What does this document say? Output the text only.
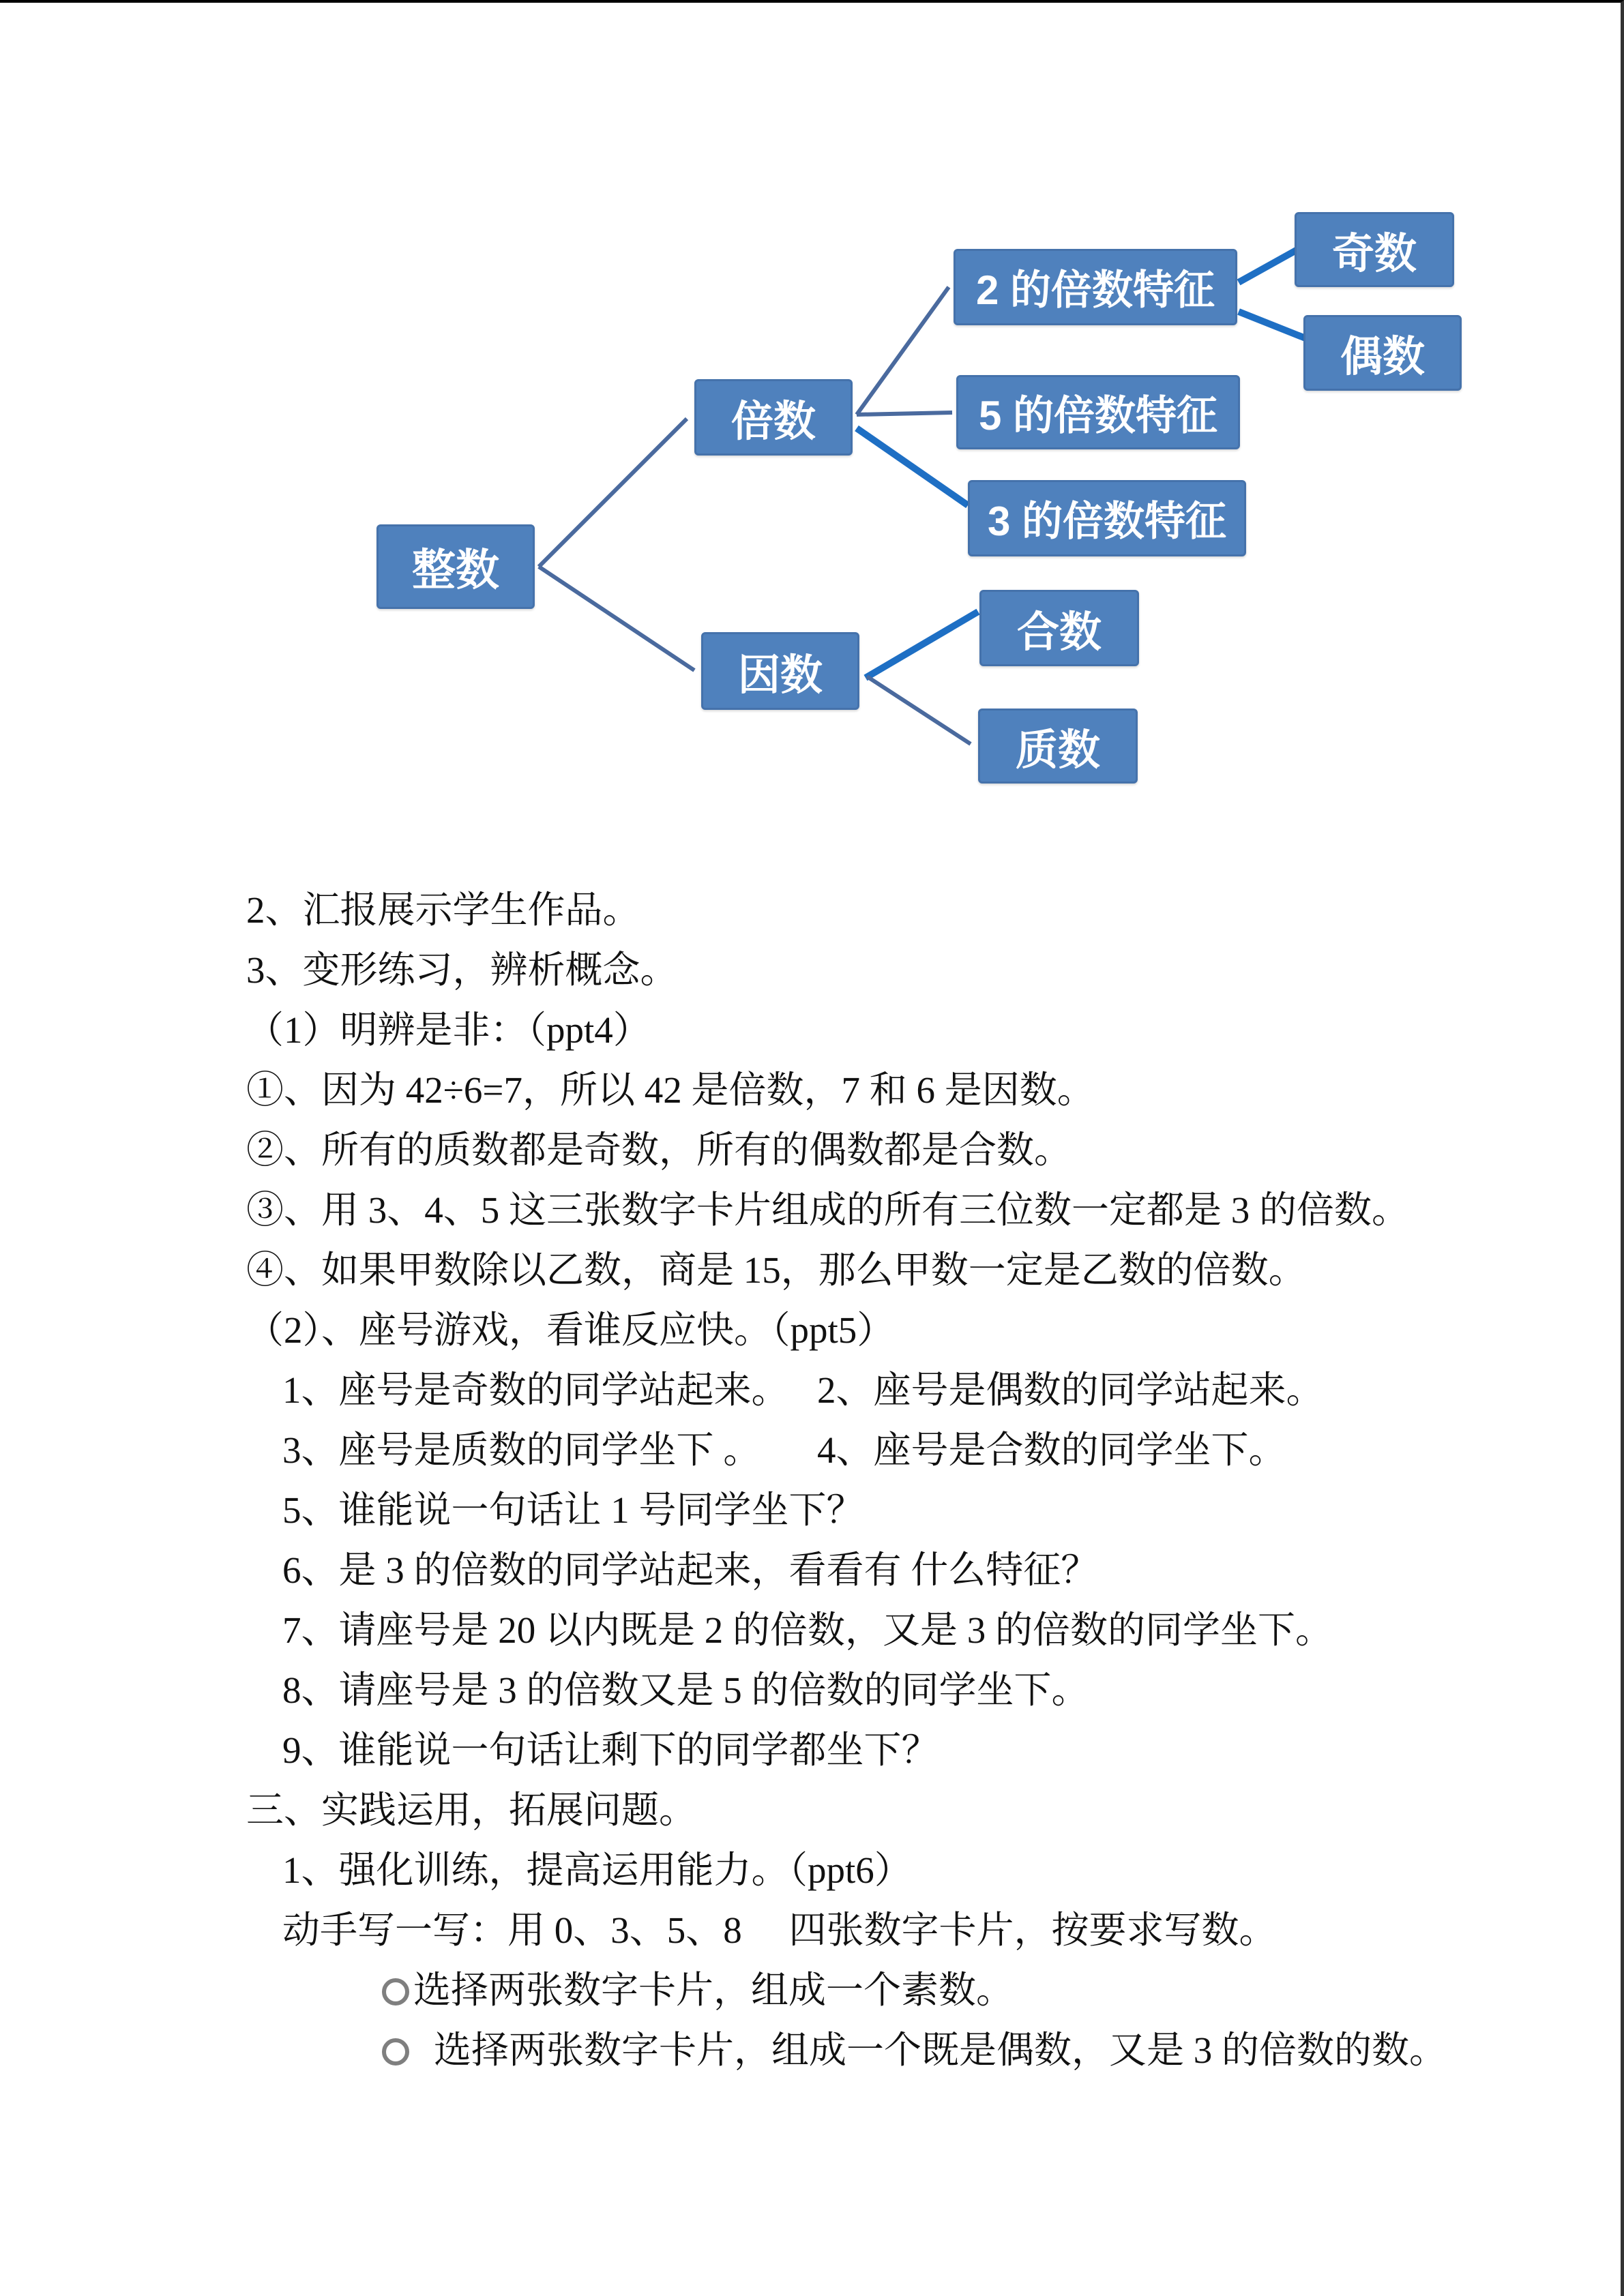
整数
倍数
因数
2 的倍数特征
5 的倍数特征
3 的倍数特征
奇数
偶数
合数
质数
2、汇报展示学生作品。
3、变形练习，辨析概念。
（1）明辨是非：（ppt4）
①、因为 42÷6=7，所以 42 是倍数，7 和 6 是因数。
②、所有的质数都是奇数，所有的偶数都是合数。
③、用 3、4、5 这三张数字卡片组成的所有三位数一定都是 3 的倍数。
④、如果甲数除以乙数，商是 15，那么甲数一定是乙数的倍数。
（2）、座号游戏，看谁反应快。（ppt5）
1、座号是奇数的同学站起来。 2、座号是偶数的同学站起来。
3、座号是质数的同学坐下 。 4、座号是合数的同学坐下。
5、谁能说一句话让 1 号同学坐下？
6、是 3 的倍数的同学站起来，看看有 什么特征？
7、请座号是 20 以内既是 2 的倍数，又是 3 的倍数的同学坐下。
8、请座号是 3 的倍数又是 5 的倍数的同学坐下。
9、谁能说一句话让剩下的同学都坐下？
三、实践运用，拓展问题。
1、强化训练，提高运用能力。（ppt6）
动手写一写：用 0、3、5、8　 四张数字卡片，按要求写数。
选择两张数字卡片，组成一个素数。
选择两张数字卡片，组成一个既是偶数，又是 3 的倍数的数。
